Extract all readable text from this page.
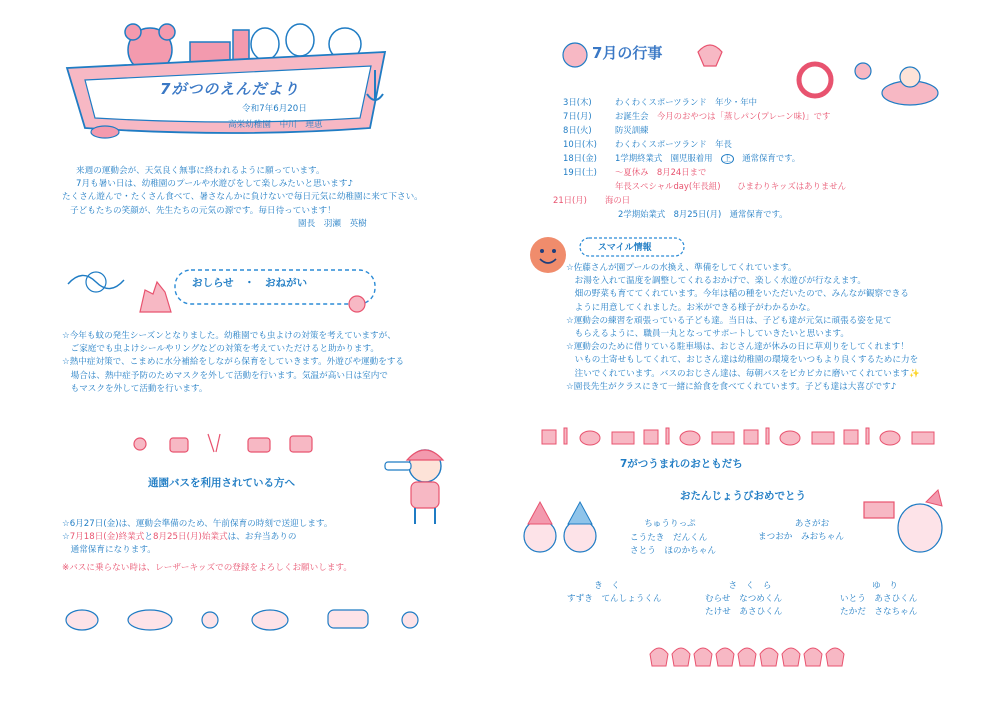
7がつのえんだより
令和7年6月20日
高栄幼稚園　中川　理恵
来週の運動会が、天気良く無事に終われるように願っています。
7月も暑い日は、幼稚園のプールや水遊びをして楽しみたいと思います♪
たくさん遊んで・たくさん食べて、暑さなんかに負けないで毎日元気に幼稚園に来て下さい。
子どもたちの笑顔が、先生たちの元気の源です。毎日待っています！
園長　羽瀬　英樹
おしらせ　・　おねがい
☆今年も蚊の発生シーズンとなりました。幼稚園でも虫よけの対策を考えていますが、
　ご家庭でも虫よけシールやリングなどの対策を考えていただけると助かります。
☆熱中症対策で、こまめに水分補給をしながら保育をしていきます。外遊びや運動をする
　場合は、熱中症予防のためマスクを外して活動を行います。気温が高い日は室内で
　もマスクを外して活動を行います。
通園バスを利用されている方へ
☆6月27日(金)は、運動会準備のため、午前保育の時刻で送迎します。
☆7月18日(金)終業式と8月25日(月)始業式は、お弁当ありの
　通常保育になります。
※バスに乗らない時は、レーザーキッズでの登録をよろしくお願いします。
7月の行事
3日(木)	わくわくスポーツランド　年少・年中
7日(月)	お誕生会　 今月のおやつは「蒸しパン(プレーン味)」です
8日(火)	防災訓練
10日(木) わくわくスポーツランド　年長
18日(金) 1学期終業式　園児服着用　 上　 通常保育です。
19日(土) ～夏休み　8月24日まで
年長スペシャルday(年長組)　　 ひまわりキッズはありません
21日(月) 海の日
2学期始業式　8月25日(月)　通常保育です。
スマイル情報
☆佐藤さんが園プールの水換え、準備をしてくれています。
　お湯を入れて温度を調整してくれるおかげで、楽しく水遊びが行なえます。
　畑の野菜も育ててくれています。今年は稲の種をいただいたので、みんなが観察できる
　ように用意してくれました。お米ができる様子がわかるかな。
☆運動会の練習を頑張っている子ども達。当日は、子ども達が元気に頑張る姿を見て
　もらえるように、職員一丸となってサポートしていきたいと思います。
☆運動会のために借りている駐車場は、おじさん達が休みの日に草刈りをしてくれます！
　いもの土寄せもしてくれて、おじさん達は幼稚園の環境をいつもより良くするために力を
　注いでくれています。バスのおじさん達は、毎朝バスをピカピカに磨いてくれています✨
☆園長先生がクラスにきて一緒に給食を食べてくれています。子ども達は大喜びです♪
7がつうまれのおともだち
おたんじょうびおめでとう
ちゅうりっぷ
こうたき　だんくん
さとう　ほのかちゃん
あさがお
まつおか　みおちゃん
き　く
すずき　てんしょうくん
さ　く　ら
むらせ　なつめくん
たけせ　あさひくん
ゆ　り
いとう　あさひくん
たかだ　さなちゃん
